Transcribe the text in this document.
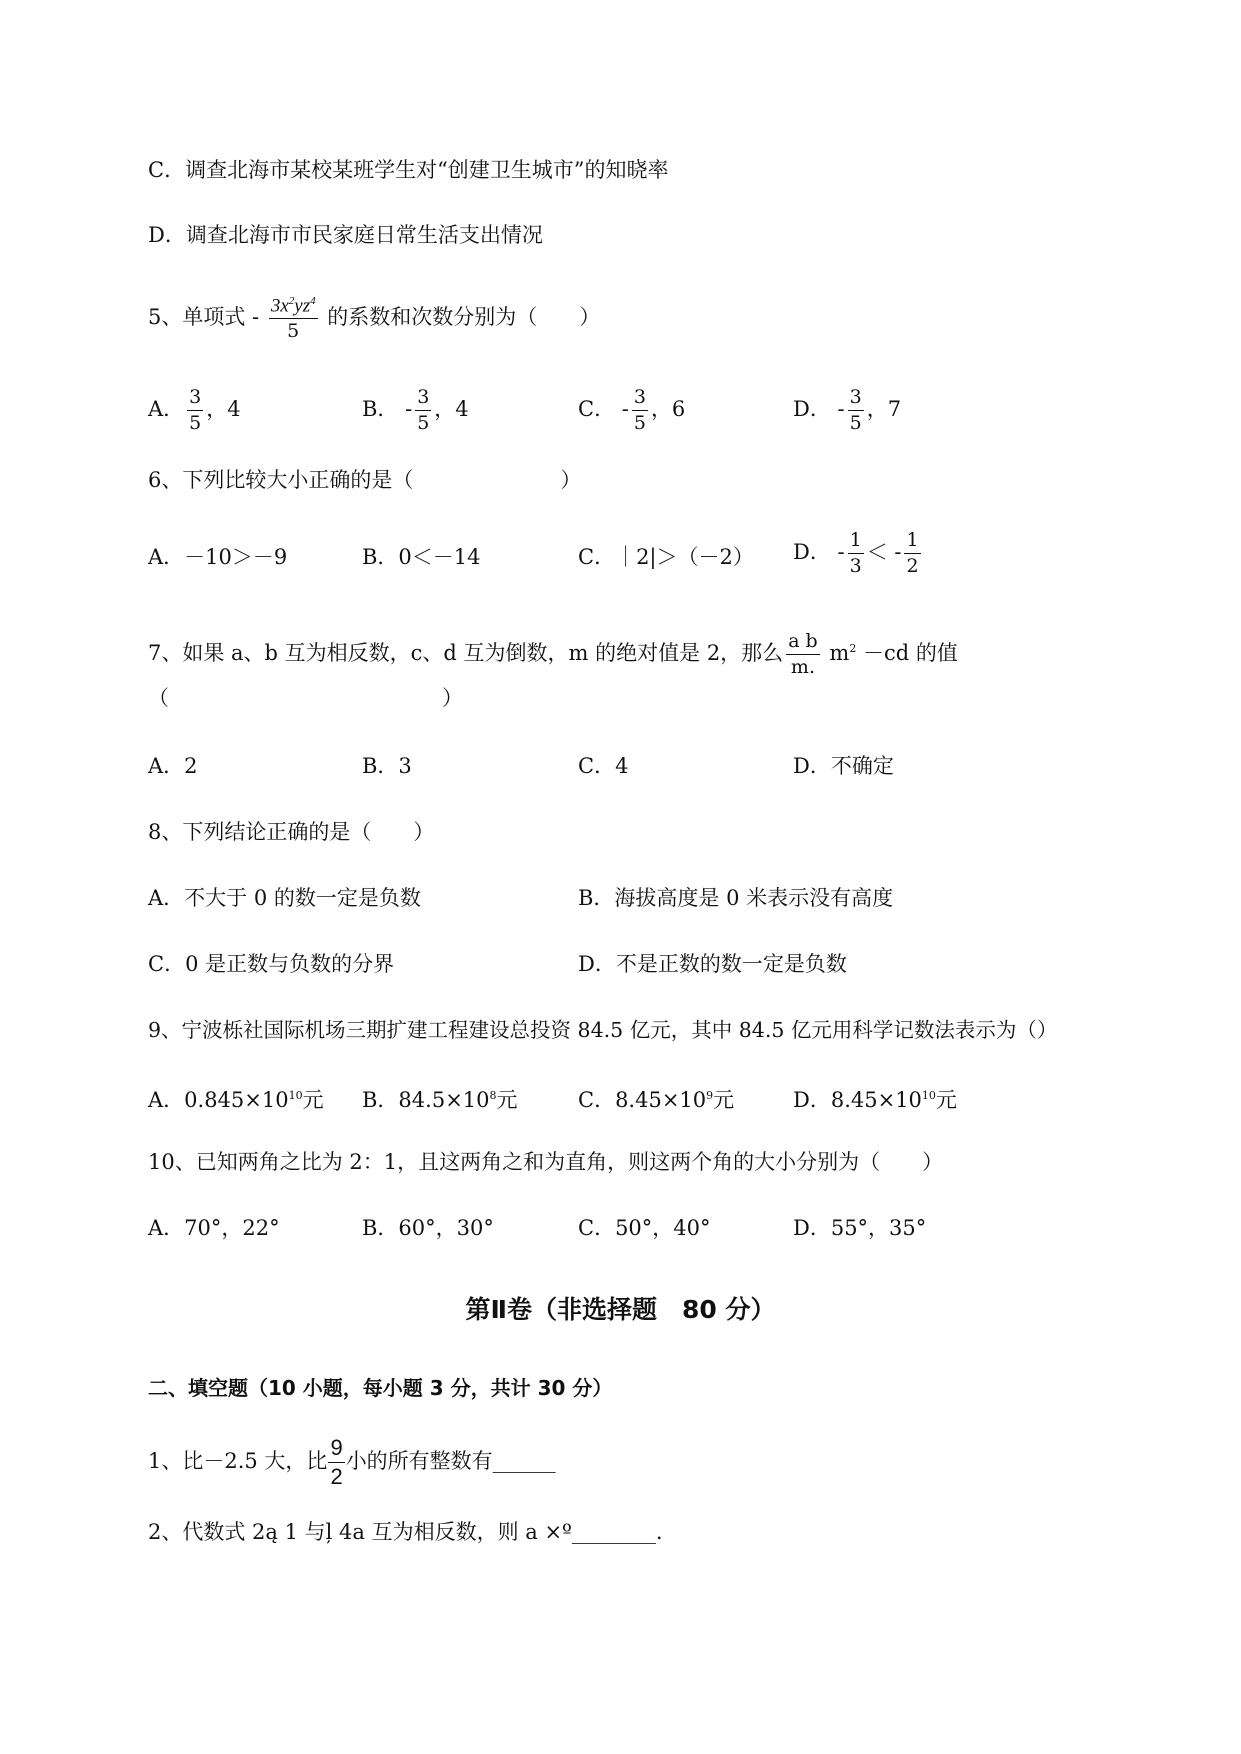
C．调查北海市某校某班学生对“创建卫生城市”的知晓率
D．调查北海市市民家庭日常生活支出情况
5、单项式 - $\frac{3x^2yz^4}{5}$ 的系数和次数分别为（　　）
A． $\frac{3}{5}$ ，4	B． - $\frac{3}{5}$ ，4	C． - $\frac{3}{5}$ ，6	D． - $\frac{3}{5}$ ，7
6、下列比较大小正确的是（　　　　　　　）
A．－10＞－9	B．0＜－14	C．｜2|＞（－2） D． - $\frac{1}{3}$ ＜ - $\frac{1}{2}$
7、如果 a、b 互为相反数，c、d 互为倒数，m 的绝对值是 2，那么 $\frac{\text{a b}}{m.} m^2 -cd$ 的值
（　　　　　　　　　　　　　）
A．2	B．3	C．4	D．不确定
8、下列结论正确的是（　　）
A．不大于 0 的数一定是负数	B．海拔高度是 0 米表示没有高度
C．0 是正数与负数的分界	D．不是正数的数一定是负数
9、宁波栎社国际机场三期扩建工程建设总投资 84.5 亿元，其中 84.5 亿元用科学记数法表示为（）
A．$0.845\times 10^{10}$元 B．$84.5\times 10^8$元	C．$8.45\times 10^9$元	D．$8.45\times 10^{10}$元
10、已知两角之比为 2：1，且这两角之和为直角，则这两个角的大小分别为（　　）
A．70°，22°	B．60°，30°	C．50°，40°	D．55°，35°
第Ⅱ卷（非选择题　80 分）
二、填空题（10 小题，每小题 3 分，共计 30 分）
1、比－2.5 大，比 $\frac{9}{2}$ 小的所有整数有______
2、代数式 2ą 1 与ļ 4a 互为相反数，则 a ×º________.
